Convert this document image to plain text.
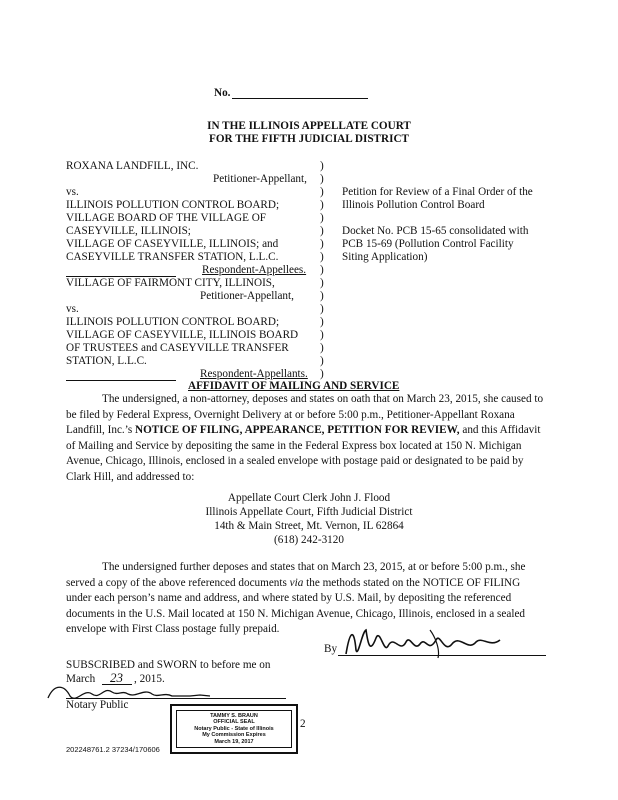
No.
IN THE ILLINOIS APPELLATE COURT
FOR THE FIFTH JUDICIAL DISTRICT
ROXANA LANDFILL, INC.
Petitioner-Appellant,
vs.
ILLINOIS POLLUTION CONTROL BOARD;
VILLAGE BOARD OF THE VILLAGE OF
CASEYVILLE, ILLINOIS;
VILLAGE OF CASEYVILLE, ILLINOIS; and
CASEYVILLE TRANSFER STATION, L.L.C.
Respondent-Appellees.
VILLAGE OF FAIRMONT CITY, ILLINOIS,
Petitioner-Appellant,
vs.
ILLINOIS POLLUTION CONTROL BOARD;
VILLAGE OF CASEYVILLE, ILLINOIS BOARD
OF TRUSTEES and CASEYVILLE TRANSFER
STATION, L.L.C.
Respondent-Appellants.
)
)
)
)
)
)
)
)
)
)
)
)
)
)
)
)
)
Petition for Review of a Final Order of the
Illinois Pollution Control Board
Docket No. PCB 15-65 consolidated with
PCB 15-69 (Pollution Control Facility
Siting Application)
AFFIDAVIT OF MAILING AND SERVICE
The undersigned, a non-attorney, deposes and states on oath that on March 23, 2015, she caused to be filed by Federal Express, Overnight Delivery at or before 5:00 p.m., Petitioner-Appellant Roxana Landfill, Inc.’s NOTICE OF FILING, APPEARANCE, PETITION FOR REVIEW, and this Affidavit of Mailing and Service by depositing the same in the Federal Express box located at 150 N. Michigan Avenue, Chicago, Illinois, enclosed in a sealed envelope with postage paid or designated to be paid by Clark Hill, and addressed to:
Appellate Court Clerk John J. Flood
Illinois Appellate Court, Fifth Judicial District
14th & Main Street, Mt. Vernon, IL 62864
(618) 242-3120
The undersigned further deposes and states that on March 23, 2015, at or before 5:00 p.m., she served a copy of the above referenced documents via the methods stated on the NOTICE OF FILING under each person’s name and address, and where stated by U.S. Mail, by depositing the referenced documents in the U.S. Mail located at 150 N. Michigan Avenue, Chicago, Illinois, enclosed in a sealed envelope with First Class postage fully prepaid.
By
SUBSCRIBED and SWORN to before me on
March 23 , 2015.
Notary Public
TAMMY S. BRAUN
OFFICIAL SEAL
Notary Public - State of Illinois
My Commission Expires
March 19, 2017
2
202248761.2 37234/170606
